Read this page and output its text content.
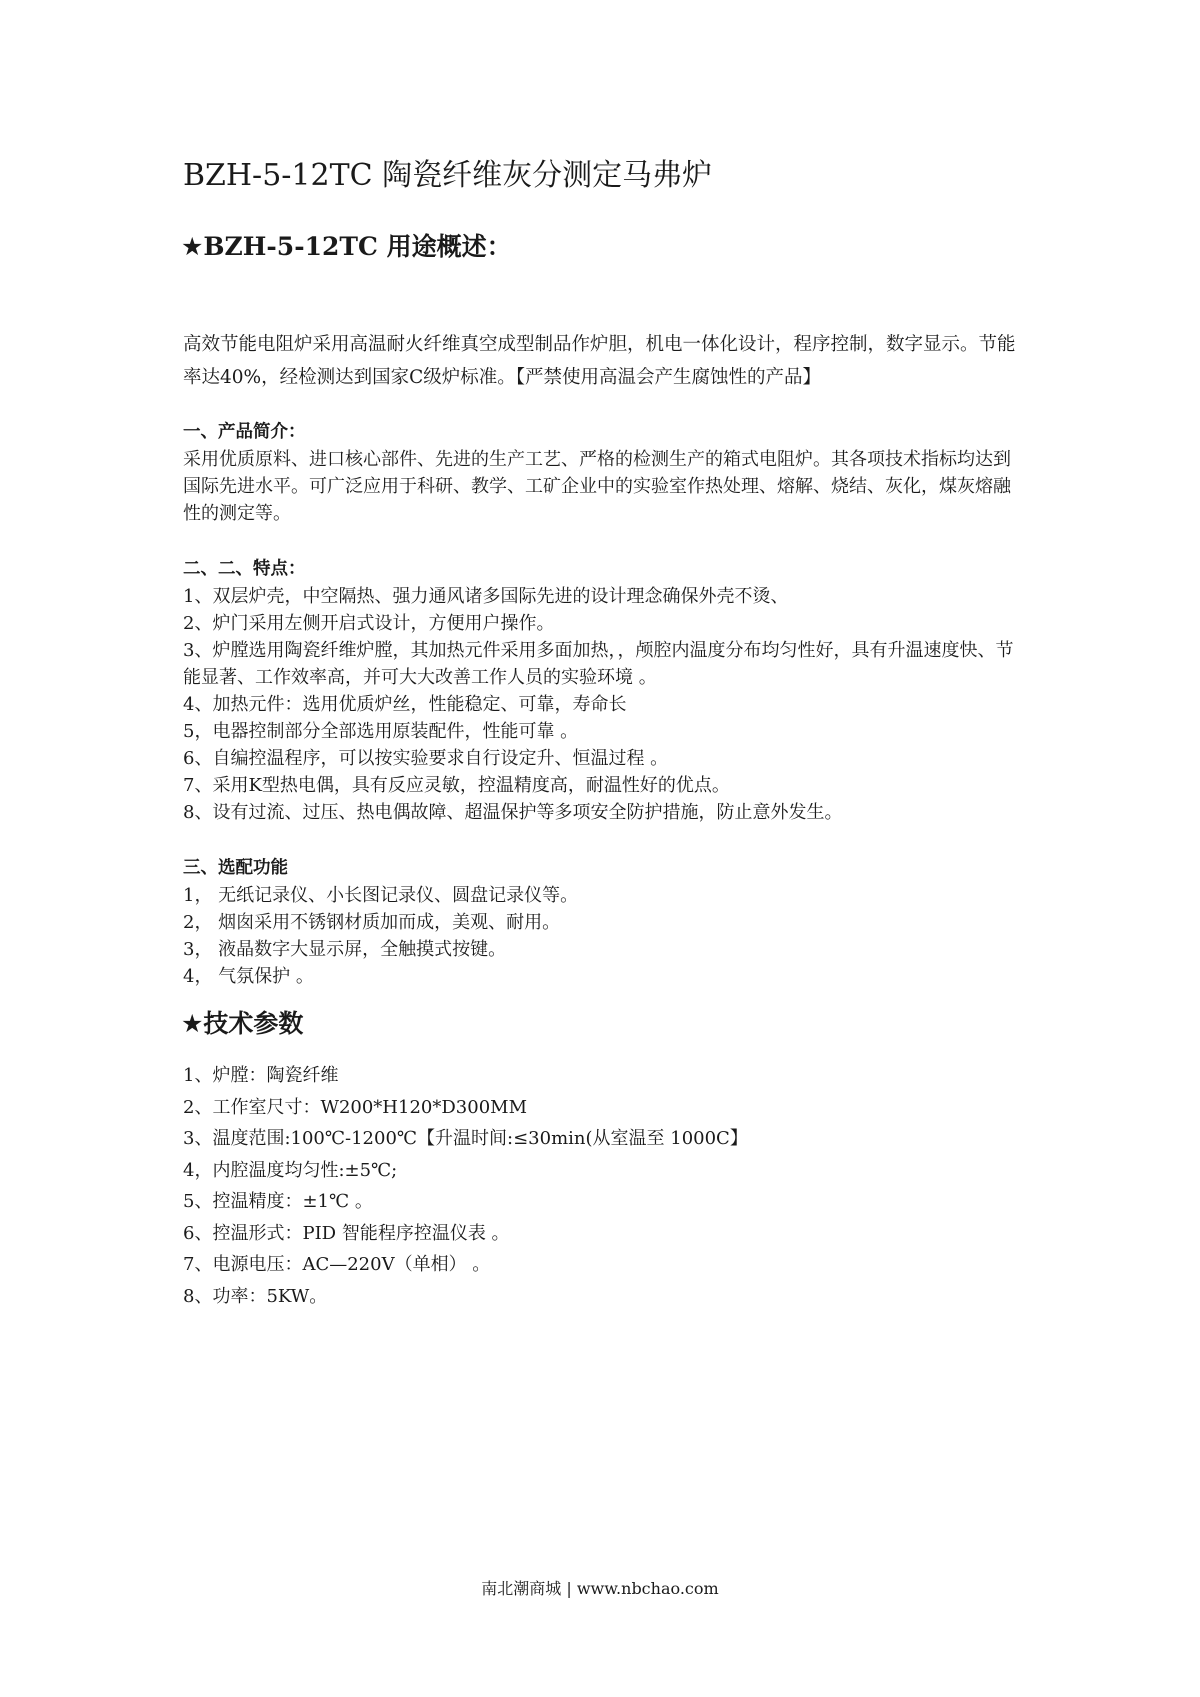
BZH-5-12TC 陶瓷纤维灰分测定马弗炉
★BZH-5-12TC 用途概述：

高效节能电阻炉采用高温耐火纤维真空成型制品作炉胆，机电一体化设计，程序控制，数字显示。节能率达40%，经检测达到国家C级炉标准。【严禁使用高温会产生腐蚀性的产品】

一、产品简介：

采用优质原料、进口核心部件、先进的生产工艺、严格的检测生产的箱式电阻炉。其各项技术指标均达到国际先进水平。可广泛应用于科研、教学、工矿企业中的实验室作热处理、熔解、烧结、灰化，煤灰熔融性的测定等。

二、二、特点：

1、双层炉壳，中空隔热、强力通风诸多国际先进的设计理念确保外壳不烫、
2、炉门采用左侧开启式设计，方便用户操作。
3、炉膛选用陶瓷纤维炉膛，其加热元件采用多面加热，，颅腔内温度分布均匀性好，具有升温速度快、节能显著、工作效率高，并可大大改善工作人员的实验环境 。
4、加热元件：选用优质炉丝，性能稳定、可靠，寿命长
5，电器控制部分全部选用原装配件，性能可靠 。
6、自编控温程序，可以按实验要求自行设定升、恒温过程 。
7、采用K型热电偶，具有反应灵敏，控温精度高，耐温性好的优点。
8、设有过流、过压、热电偶故障、超温保护等多项安全防护措施，防止意外发生。

三、选配功能

1， 无纸记录仪、小长图记录仪、圆盘记录仪等。
2， 烟囱采用不锈钢材质加而成，美观、耐用。
3， 液晶数字大显示屏，全触摸式按键。
4， 气氛保护 。
★技术参数
1、炉膛：陶瓷纤维
2、工作室尺寸：W200*H120*D300MM
3、温度范围:100℃-1200℃【升温时间:≤30min(从室温至 1000C】
4，内腔温度均匀性:±5℃;
5、控温精度：±1℃ 。
6、控温形式：PID 智能程序控温仪表 。
7、电源电压：AC—220V（单相） 。
8、功率：5KW。
南北潮商城 | www.nbchao.com
